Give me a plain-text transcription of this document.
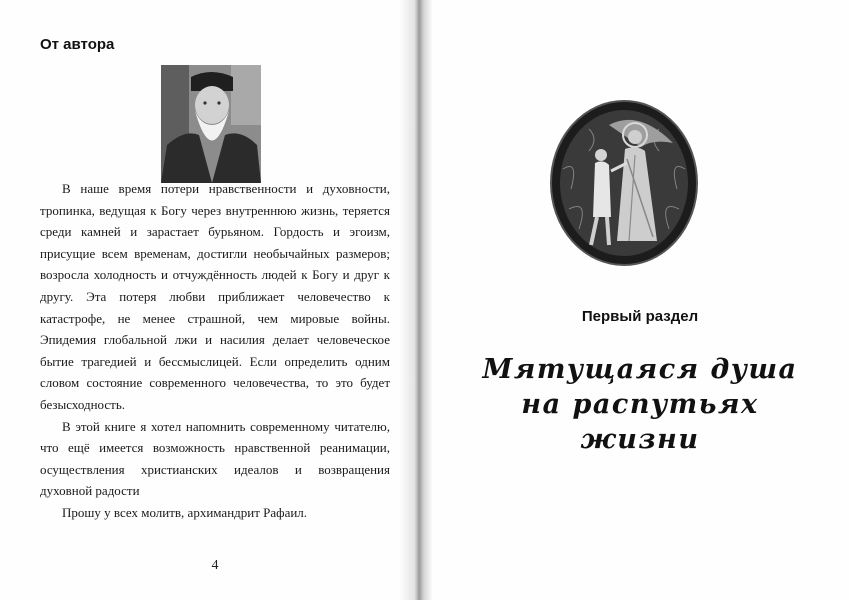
От автора

В наше время потери нравственности и духовности, тропинка, ведущая к Богу через внутреннюю жизнь, теряется среди камней и зарастает бурьяном. Гордость и эгоизм, присущие всем временам, достигли необычайных размеров; возросла холодность и отчуждённость людей к Богу и друг к другу. Эта потеря любви приближает человечество к катастрофе, не менее страшной, чем мировые войны. Эпидемия глобальной лжи и насилия делает человеческое бытие трагедией и бессмыслицей. Если определить одним словом состояние современного человечества, то это будет безысходность.

В этой книге я хотел напомнить современному читателю, что ещё имеется возможность нравственной реанимации, осуществления христианских идеалов и возвращения духовной радости

Прошу у всех молитв, архимандрит Рафаил.

4
Первый раздел
Мятущаяся душа
на распутьях жизни
